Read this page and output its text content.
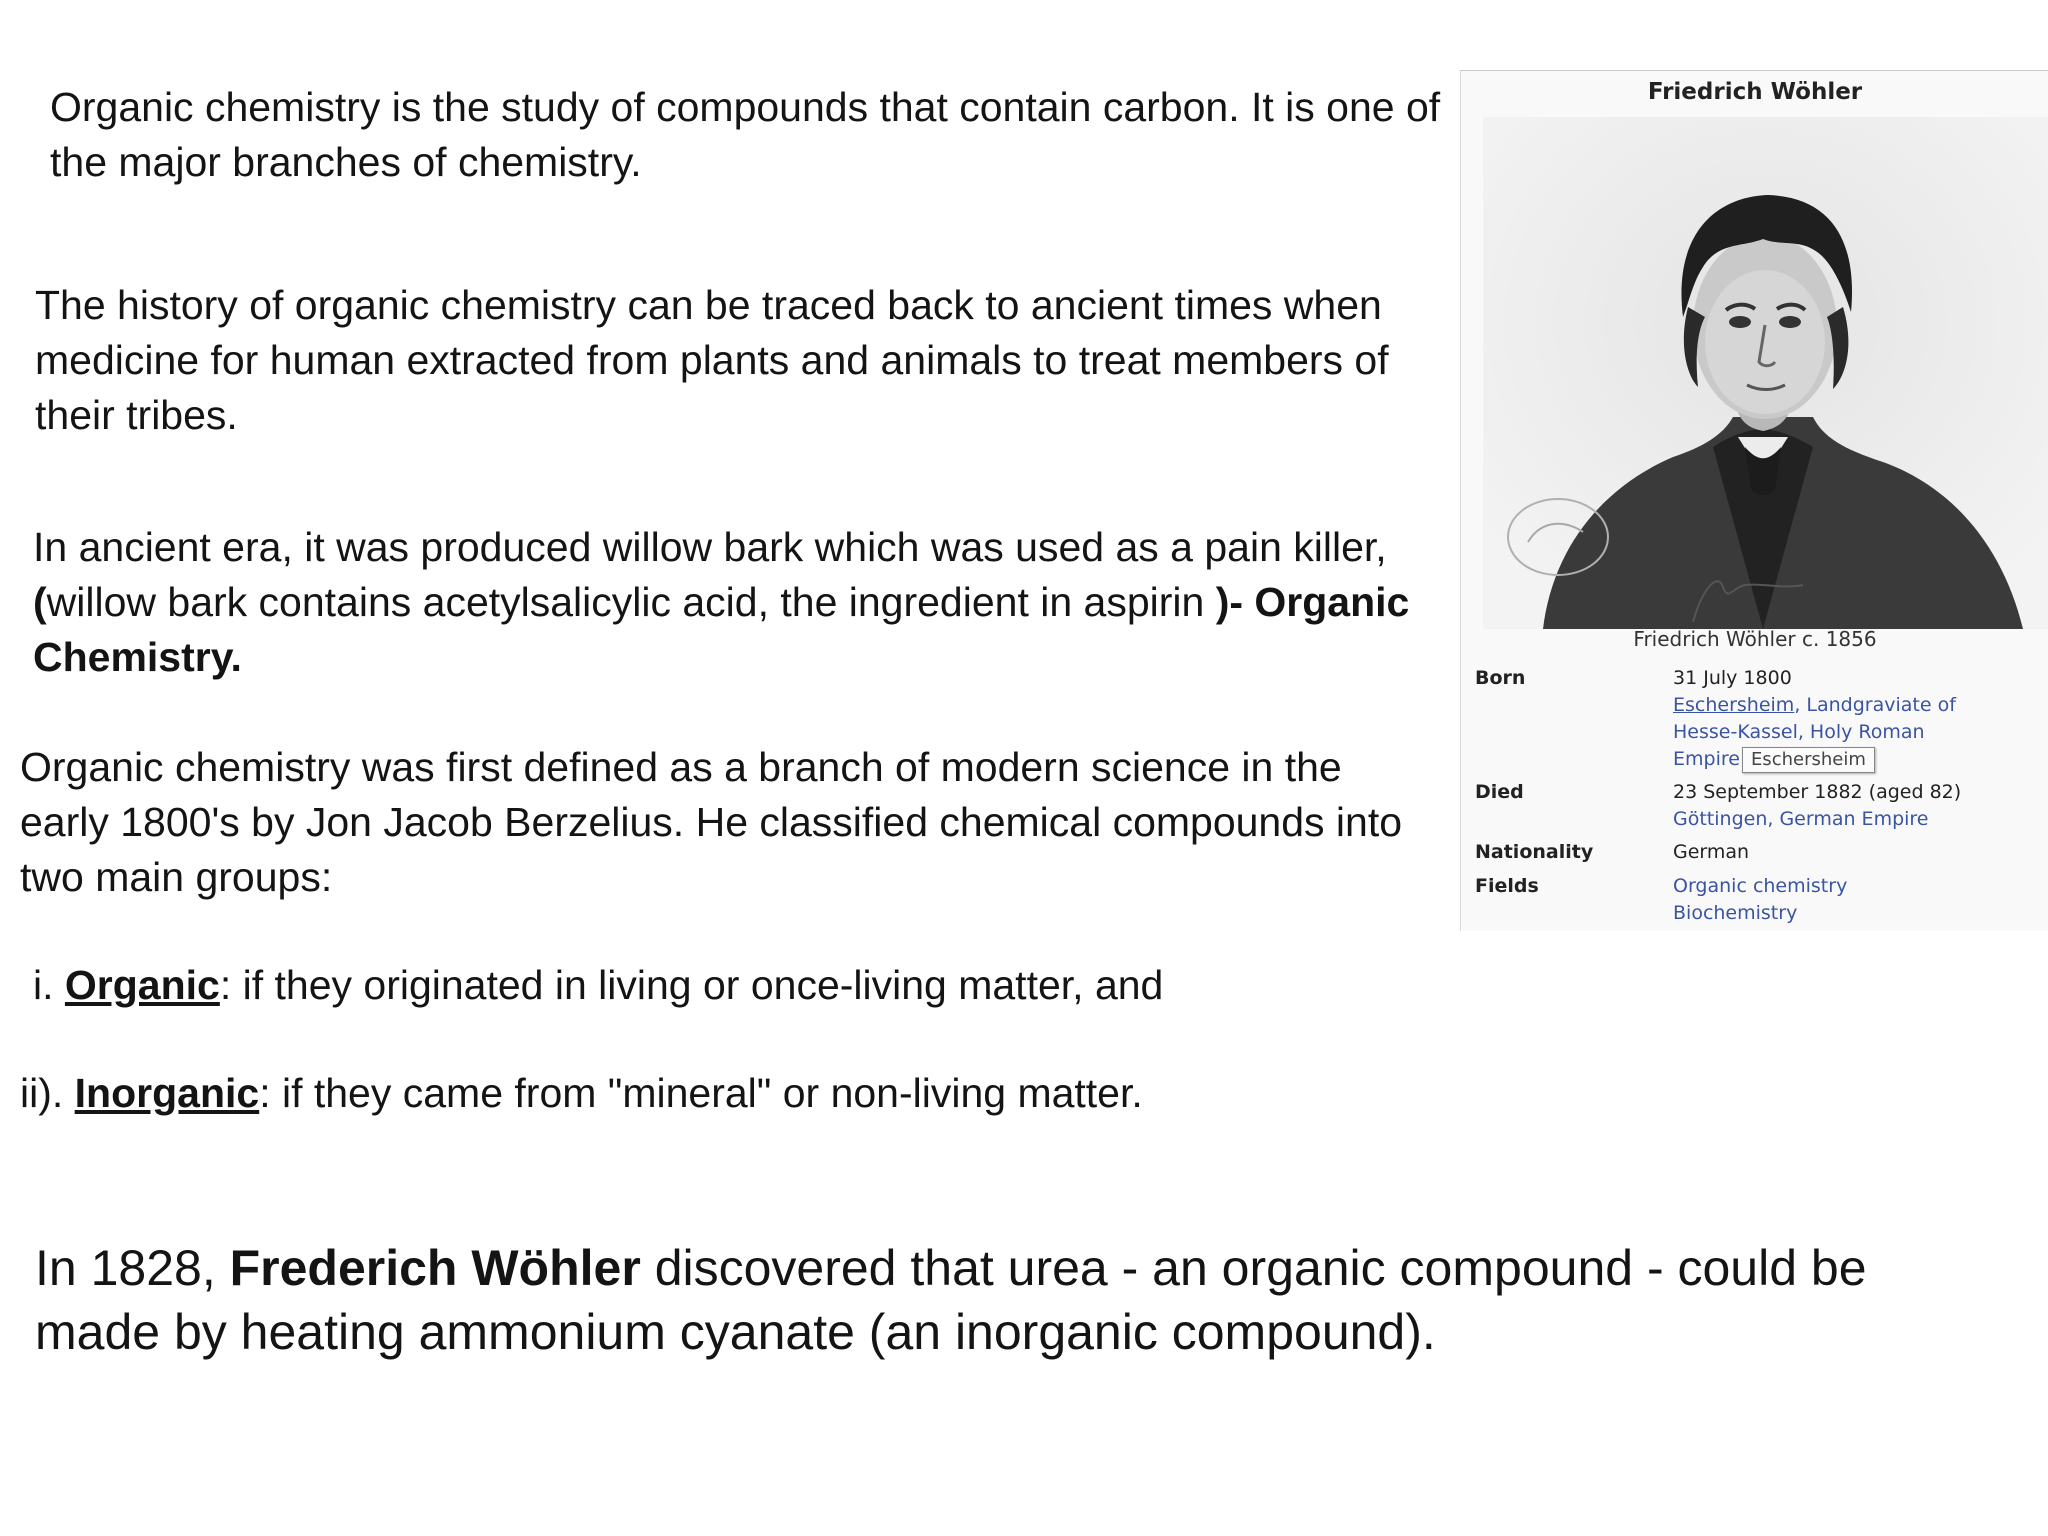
Organic chemistry is the study of compounds that contain carbon. It is one of the major branches of chemistry.

The history of organic chemistry can be traced back to ancient times when medicine for human extracted from plants and animals to treat members of their tribes.

In ancient era, it was produced willow bark which was used as a pain killer, (willow bark contains acetylsalicylic acid, the ingredient in aspirin )- Organic Chemistry.

Organic chemistry was first defined as a branch of modern science in the early 1800's by Jon Jacob Berzelius. He classified chemical compounds into two main groups:

i. Organic: if they originated in living or once-living matter, and

ii). Inorganic: if they came from "mineral" or non-living matter.

In 1828, Frederich Wöhler discovered that urea - an organic compound - could be made by heating ammonium cyanate (an inorganic compound).

Friedrich Wöhler
Friedrich Wöhler c. 1856
Born	31 July 1800
Eschersheim, Landgraviate of
Hesse-Kassel, Holy Roman
Empire Eschersheim
Died	23 September 1882 (aged 82)
Göttingen, German Empire
Nationality	German
Fields	Organic chemistry
Biochemistry
